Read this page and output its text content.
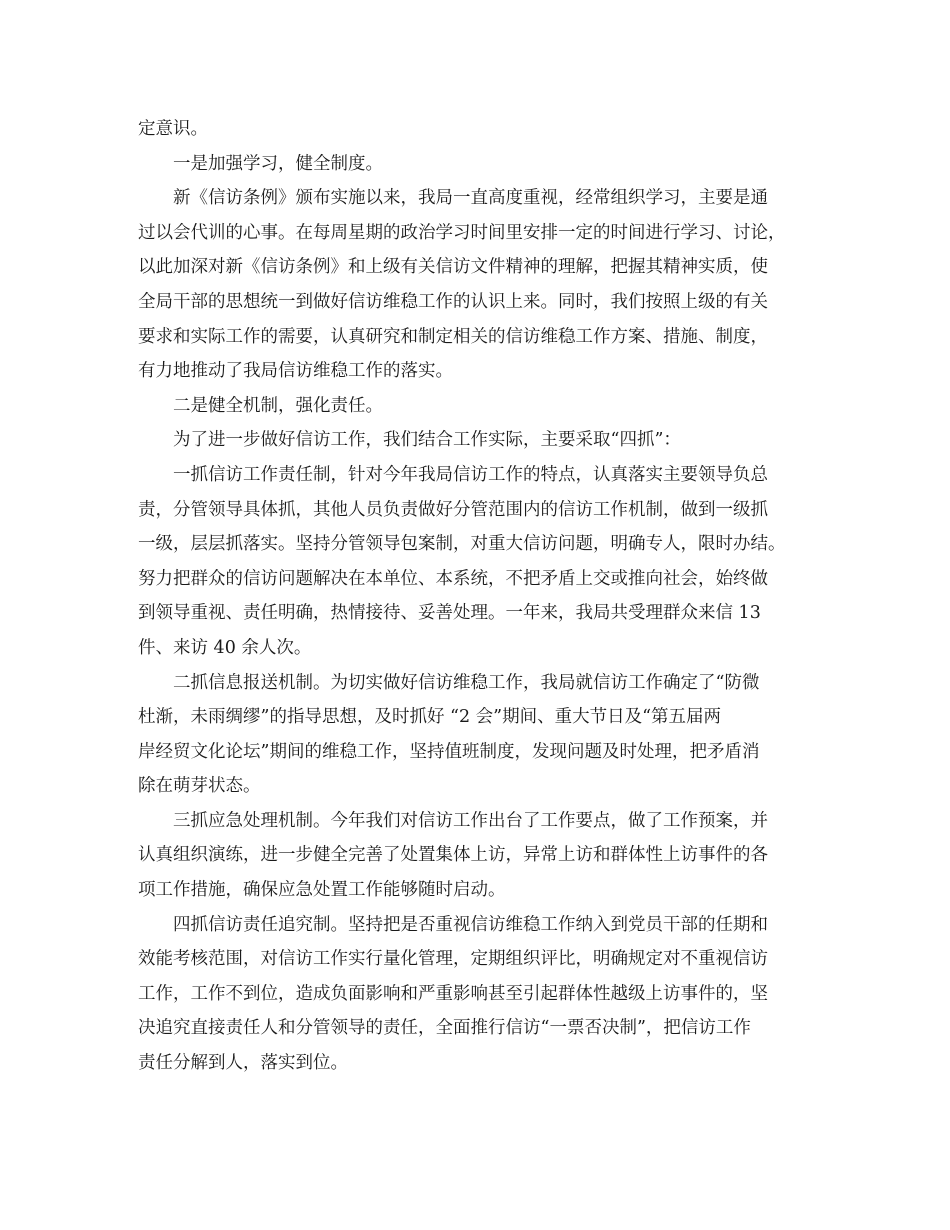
定意识。
一是加强学习，健全制度。
新《信访条例》颁布实施以来，我局一直高度重视，经常组织学习，主要是通
过以会代训的心事。在每周星期的政治学习时间里安排一定的时间进行学习、讨论，
以此加深对新《信访条例》和上级有关信访文件精神的理解，把握其精神实质，使
全局干部的思想统一到做好信访维稳工作的认识上来。同时，我们按照上级的有关
要求和实际工作的需要，认真研究和制定相关的信访维稳工作方案、措施、制度，
有力地推动了我局信访维稳工作的落实。
二是健全机制，强化责任。
为了进一步做好信访工作，我们结合工作实际，主要采取“四抓”：
一抓信访工作责任制，针对今年我局信访工作的特点，认真落实主要领导负总
责，分管领导具体抓，其他人员负责做好分管范围内的信访工作机制，做到一级抓
一级，层层抓落实。坚持分管领导包案制，对重大信访问题，明确专人，限时办结。
努力把群众的信访问题解决在本单位、本系统，不把矛盾上交或推向社会，始终做
到领导重视、责任明确，热情接待、妥善处理。一年来，我局共受理群众来信 13
件、来访 40 余人次。
二抓信息报送机制。为切实做好信访维稳工作，我局就信访工作确定了“防微
杜渐，未雨绸缪”的指导思想，及时抓好 “2 会”期间、重大节日及“第五届两
岸经贸文化论坛”期间的维稳工作，坚持值班制度，发现问题及时处理，把矛盾消
除在萌芽状态。
三抓应急处理机制。今年我们对信访工作出台了工作要点，做了工作预案，并
认真组织演练，进一步健全完善了处置集体上访，异常上访和群体性上访事件的各
项工作措施，确保应急处置工作能够随时启动。
四抓信访责任追究制。坚持把是否重视信访维稳工作纳入到党员干部的任期和
效能考核范围，对信访工作实行量化管理，定期组织评比，明确规定对不重视信访
工作，工作不到位，造成负面影响和严重影响甚至引起群体性越级上访事件的，坚
决追究直接责任人和分管领导的责任，全面推行信访“一票否决制”，把信访工作
责任分解到人，落实到位。
